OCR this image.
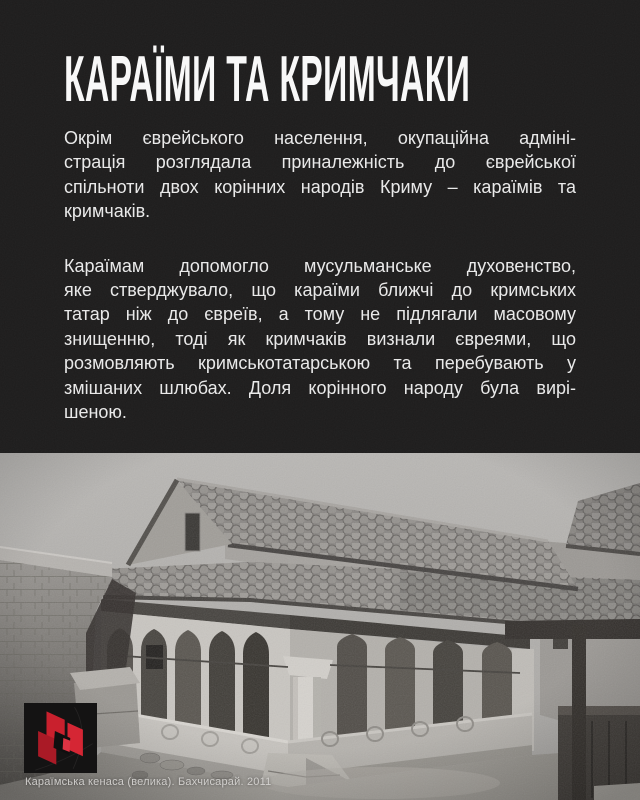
КАРАЇМИ ТА КРИМЧАКИ
Окрім єврейського населення, окупаційна адміні-
страція розглядала приналежність до єврейської
спільноти двох корінних народів Криму – караїмів та
кримчаків.
Караїмам допомогло мусульманське духовенство,
яке стверджувало, що караїми ближчі до кримських
татар ніж до євреїв, а тому не підлягали масовому
знищенню, тоді як кримчаків визнали єврeями, що
розмовляють кримськотатарською та перебувають у
змішаних шлюбах. Доля корінного народу була вирі-
шеною.
Караїмська кенаса (велика). Бахчисарай. 2011
